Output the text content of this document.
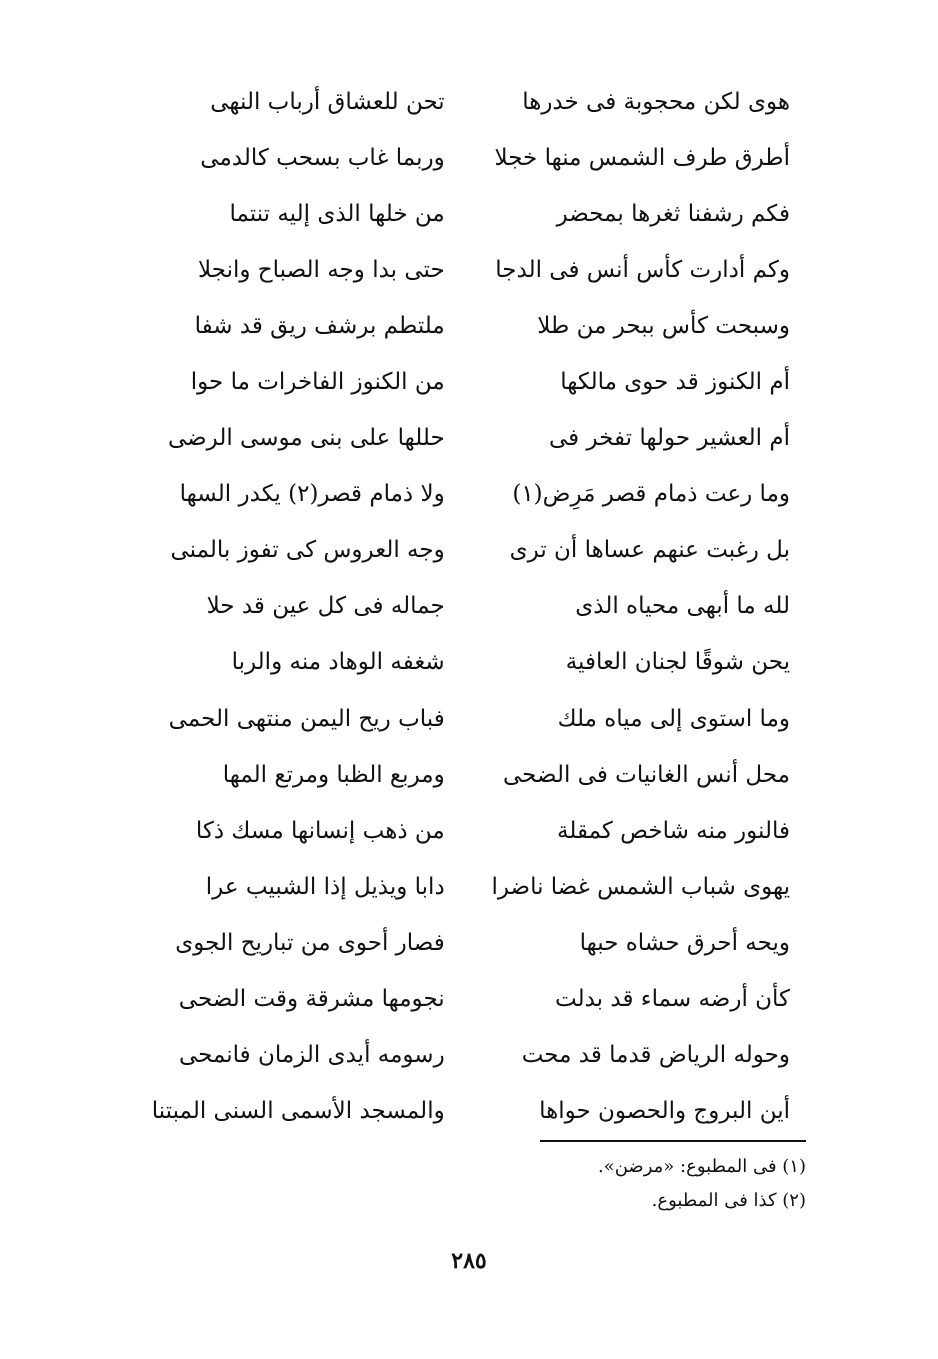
هوى لكن محجوبة فى خدرها
تحن للعشاق أرباب النهى
أطرق طرف الشمس منها خجلا
وربما غاب بسحب كالدمى
فكم رشفنا ثغرها بمحضر
من خلها الذى إليه تنتما
وكم أدارت كأس أنس فى الدجا
حتى بدا وجه الصباح وانجلا
وسبحت كأس ببحر من طلا
ملتطم برشف ريق قد شفا
أم الكنوز قد حوى مالكها
من الكنوز الفاخرات ما حوا
أم العشير حولها تفخر فى
حللها على بنى موسى الرضى
وما رعت ذمام قصر مَرِض(١)
ولا ذمام قصر(٢) يكدر السها
بل رغبت عنهم عساها أن ترى
وجه العروس كى تفوز بالمنى
لله ما أبهى محياه الذى
جماله فى كل عين قد حلا
يحن شوقًا لجنان العافية
شغفه الوهاد منه والربا
وما استوى إلى مياه ملك
فباب ريح اليمن منتهى الحمى
محل أنس الغانيات فى الضحى
ومربع الظبا ومرتع المها
فالنور منه شاخص كمقلة
من ذهب إنسانها مسك ذكا
يهوى شباب الشمس غضا ناضرا
دابا ويذيل إذا الشبيب عرا
ويحه أحرق حشاه حبها
فصار أحوى من تباريح الجوى
كأن أرضه سماء قد بدلت
نجومها مشرقة وقت الضحى
وحوله الرياض قدما قد محت
رسومه أيدى الزمان فانمحى
أين البروج والحصون حواها
والمسجد الأسمى السنى المبتنا
(١) فى المطبوع: «مرضن».
(٢) كذا فى المطبوع.
٢٨٥
